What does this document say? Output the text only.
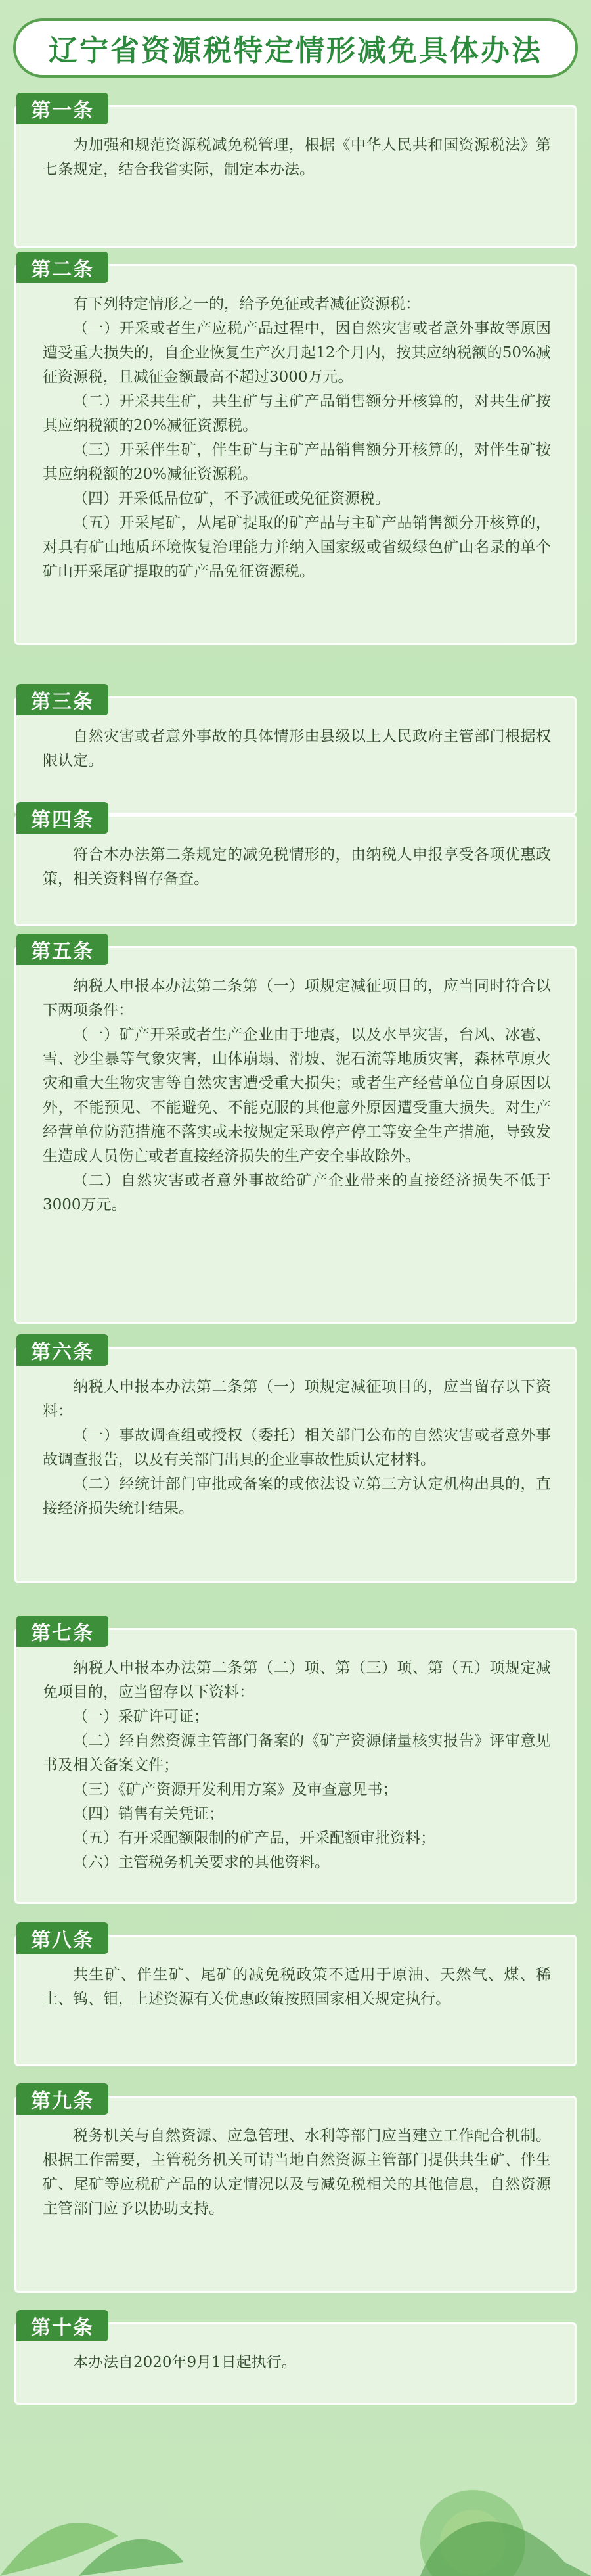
辽宁省资源税特定情形减免具体办法
第一条

为加强和规范资源税减免税管理，根据《中华人民共和国资源税法》第七条规定，结合我省实际，制定本办法。

第二条

有下列特定情形之一的，给予免征或者减征资源税：

（一）开采或者生产应税产品过程中，因自然灾害或者意外事故等原因遭受重大损失的，自企业恢复生产次月起12个月内，按其应纳税额的50%减征资源税，且减征金额最高不超过3000万元。

（二）开采共生矿，共生矿与主矿产品销售额分开核算的，对共生矿按其应纳税额的20%减征资源税。

（三）开采伴生矿，伴生矿与主矿产品销售额分开核算的，对伴生矿按其应纳税额的20%减征资源税。

（四）开采低品位矿，不予减征或免征资源税。

（五）开采尾矿，从尾矿提取的矿产品与主矿产品销售额分开核算的，对具有矿山地质环境恢复治理能力并纳入国家级或省级绿色矿山名录的单个矿山开采尾矿提取的矿产品免征资源税。

第三条

自然灾害或者意外事故的具体情形由县级以上人民政府主管部门根据权限认定。

第四条

符合本办法第二条规定的减免税情形的，由纳税人申报享受各项优惠政策，相关资料留存备查。

第五条

纳税人申报本办法第二条第（一）项规定减征项目的，应当同时符合以下两项条件：

（一）矿产开采或者生产企业由于地震，以及水旱灾害，台风、冰雹、雪、沙尘暴等气象灾害，山体崩塌、滑坡、泥石流等地质灾害，森林草原火灾和重大生物灾害等自然灾害遭受重大损失；或者生产经营单位自身原因以外，不能预见、不能避免、不能克服的其他意外原因遭受重大损失。对生产经营单位防范措施不落实或未按规定采取停产停工等安全生产措施，导致发生造成人员伤亡或者直接经济损失的生产安全事故除外。

（二）自然灾害或者意外事故给矿产企业带来的直接经济损失不低于3000万元。

第六条

纳税人申报本办法第二条第（一）项规定减征项目的，应当留存以下资料：

（一）事故调查组或授权（委托）相关部门公布的自然灾害或者意外事故调查报告，以及有关部门出具的企业事故性质认定材料。

（二）经统计部门审批或备案的或依法设立第三方认定机构出具的，直接经济损失统计结果。

第七条

纳税人申报本办法第二条第（二）项、第（三）项、第（五）项规定减免项目的，应当留存以下资料：

（一）采矿许可证；

（二）经自然资源主管部门备案的《矿产资源储量核实报告》评审意见书及相关备案文件；

（三）《矿产资源开发利用方案》及审查意见书；

（四）销售有关凭证；

（五）有开采配额限制的矿产品，开采配额审批资料；

（六）主管税务机关要求的其他资料。

第八条

共生矿、伴生矿、尾矿的减免税政策不适用于原油、天然气、煤、稀土、钨、钼，上述资源有关优惠政策按照国家相关规定执行。

第九条

税务机关与自然资源、应急管理、水利等部门应当建立工作配合机制。根据工作需要，主管税务机关可请当地自然资源主管部门提供共生矿、伴生矿、尾矿等应税矿产品的认定情况以及与减免税相关的其他信息，自然资源主管部门应予以协助支持。

第十条

本办法自2020年9月1日起执行。
